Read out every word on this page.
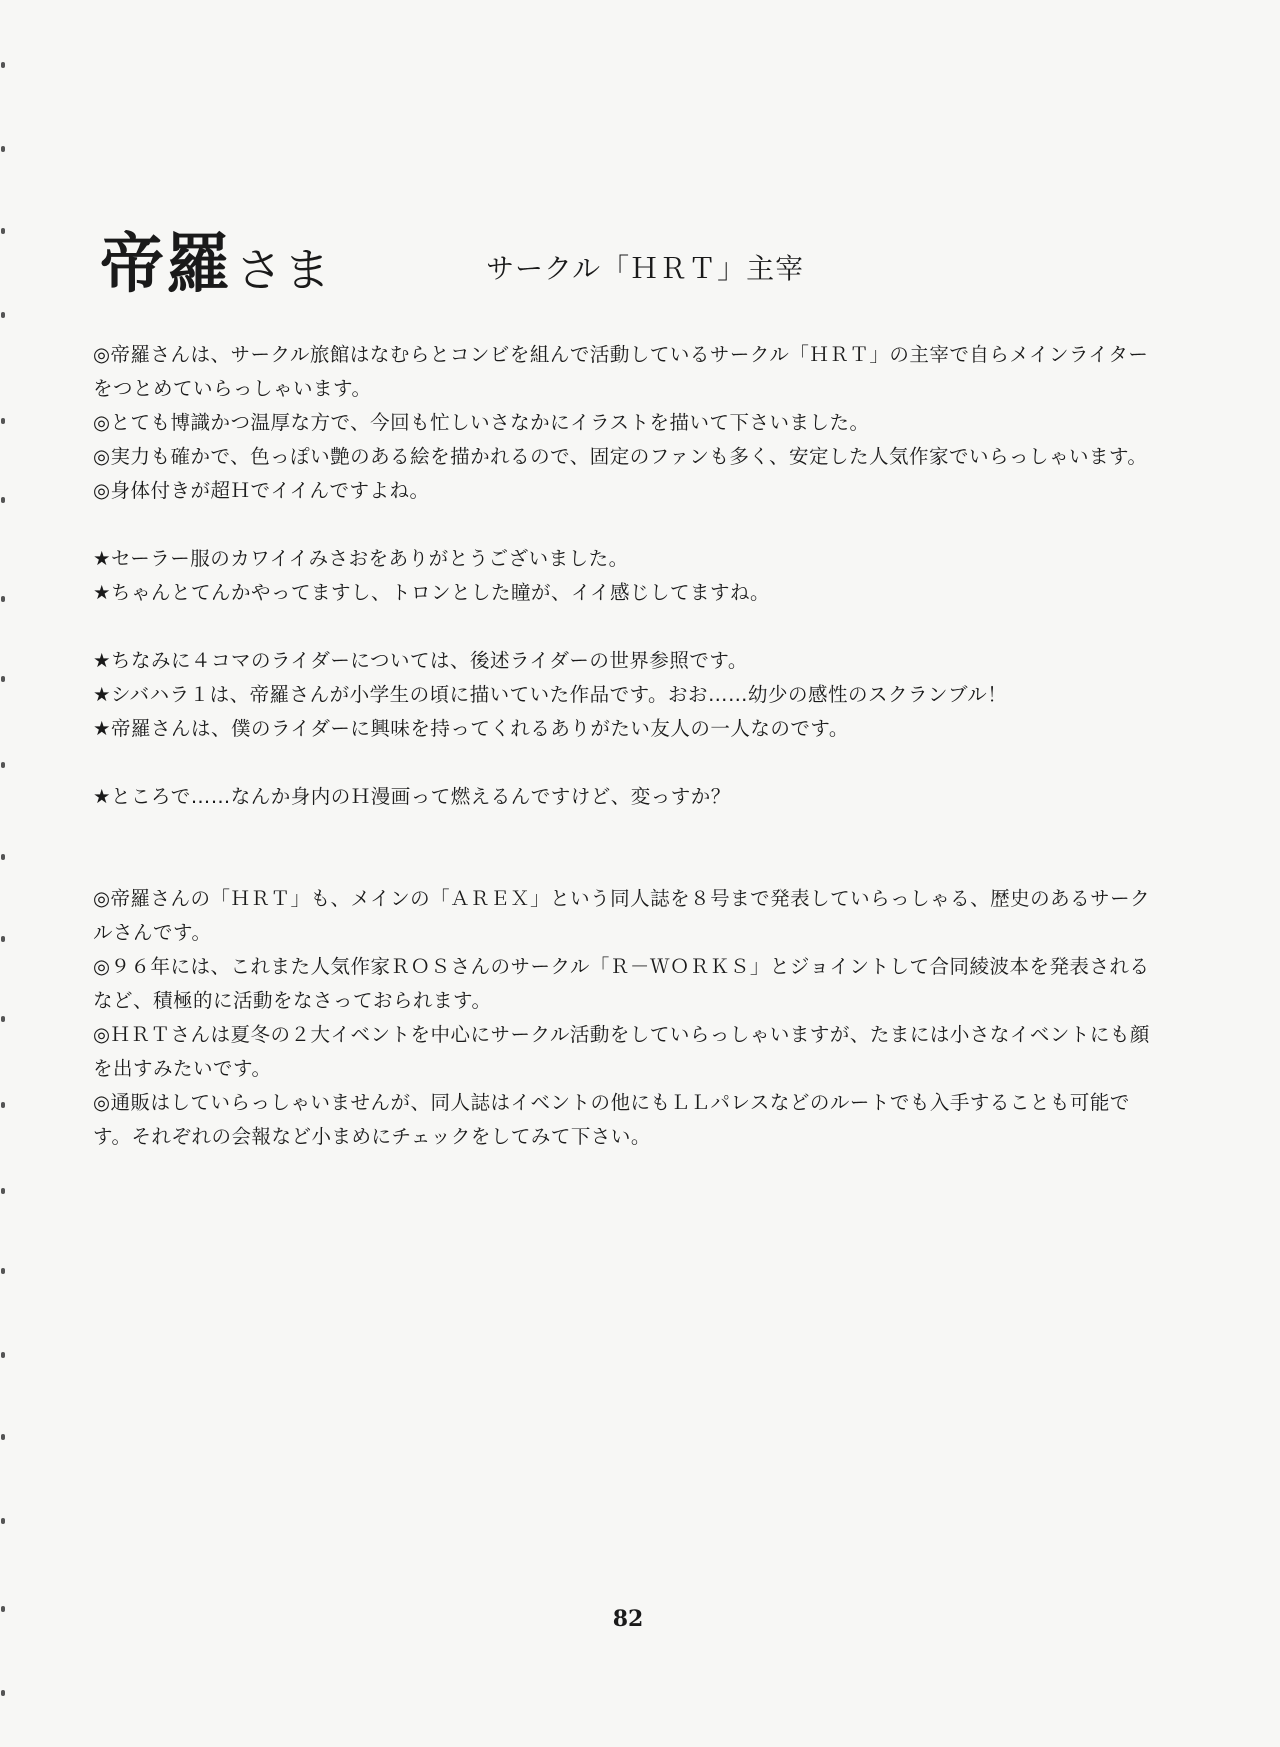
帝羅さま	サークル「ＨＲＴ」主宰

◎帝羅さんは、サークル旅館はなむらとコンビを組んで活動しているサークル「ＨＲＴ」の主宰で自らメインライターをつとめていらっしゃいます。

◎とても博識かつ温厚な方で、今回も忙しいさなかにイラストを描いて下さいました。

◎実力も確かで、色っぽい艶のある絵を描かれるので、固定のファンも多く、安定した人気作家でいらっしゃいます。

◎身体付きが超Ｈでイイんですよね。

★セーラー服のカワイイみさおをありがとうございました。

★ちゃんとてんかやってますし、トロンとした瞳が、イイ感じしてますね。

★ちなみに４コマのライダーについては、後述ライダーの世界参照です。

★シバハラ１は、帝羅さんが小学生の頃に描いていた作品です。おお……幼少の感性のスクランブル！

★帝羅さんは、僕のライダーに興味を持ってくれるありがたい友人の一人なのです。

★ところで……なんか身内のＨ漫画って燃えるんですけど、変っすか？

◎帝羅さんの「ＨＲＴ」も、メインの「ＡＲＥＸ」という同人誌を８号まで発表していらっしゃる、歴史のあるサークルさんです。

◎９６年には、これまた人気作家ＲＯＳさんのサークル「Ｒ－ＷＯＲＫＳ」とジョイントして合同綾波本を発表されるなど、積極的に活動をなさっておられます。

◎ＨＲＴさんは夏冬の２大イベントを中心にサークル活動をしていらっしゃいますが、たまには小さなイベントにも顔を出すみたいです。

◎通販はしていらっしゃいませんが、同人誌はイベントの他にもＬＬパレスなどのルートでも入手することも可能です。それぞれの会報など小まめにチェックをしてみて下さい。

82
